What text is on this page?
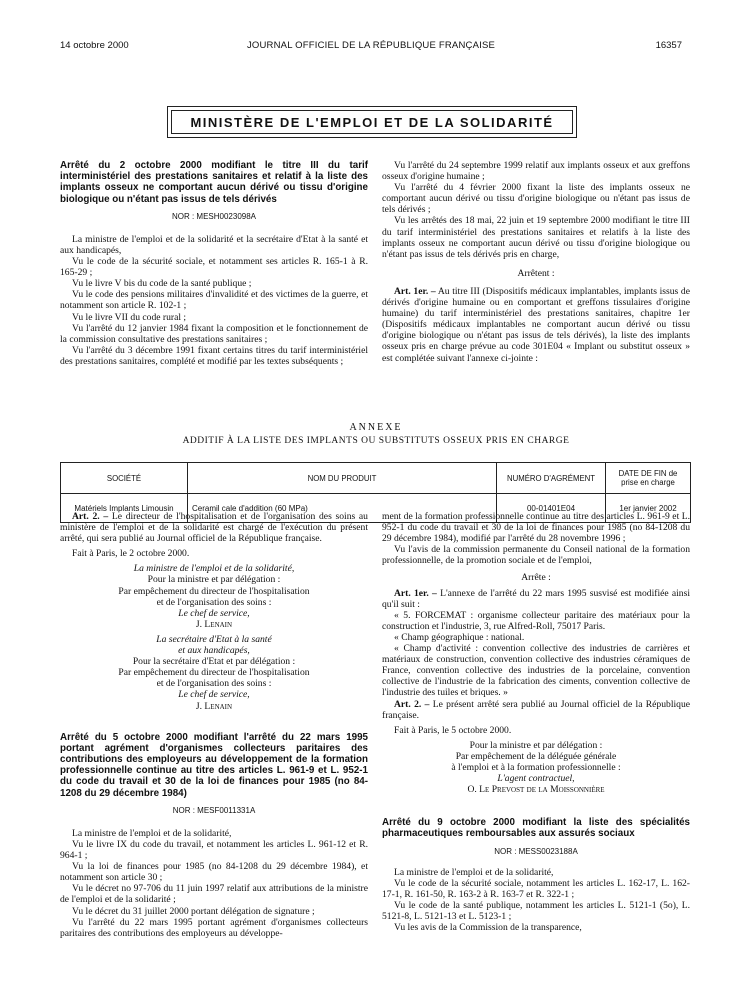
14 octobre 2000	JOURNAL OFFICIEL DE LA RÉPUBLIQUE FRANÇAISE	16357
MINISTÈRE DE L'EMPLOI ET DE LA SOLIDARITÉ
Arrêté du 2 octobre 2000 modifiant le titre III du tarif interministériel des prestations sanitaires et relatif à la liste des implants osseux ne comportant aucun dérivé ou tissu d'origine biologique ou n'étant pas issus de tels dérivés
NOR : MESH0023098A

La ministre de l'emploi et de la solidarité et la secrétaire d'Etat à la santé et aux handicapés,

Vu le code de la sécurité sociale, et notamment ses articles R. 165-1 à R. 165-29 ;

Vu le livre V bis du code de la santé publique ;

Vu le code des pensions militaires d'invalidité et des victimes de la guerre, et notamment son article R. 102-1 ;

Vu le livre VII du code rural ;

Vu l'arrêté du 12 janvier 1984 fixant la composition et le fonctionnement de la commission consultative des prestations sanitaires ;

Vu l'arrêté du 3 décembre 1991 fixant certains titres du tarif interministériel des prestations sanitaires, complété et modifié par les textes subséquents ;

Vu l'arrêté du 24 septembre 1999 relatif aux implants osseux et aux greffons osseux d'origine humaine ;

Vu l'arrêté du 4 février 2000 fixant la liste des implants osseux ne comportant aucun dérivé ou tissu d'origine biologique ou n'étant pas issus de tels dérivés ;

Vu les arrêtés des 18 mai, 22 juin et 19 septembre 2000 modifiant le titre III du tarif interministériel des prestations sanitaires et relatifs à la liste des implants osseux ne comportant aucun dérivé ou tissu d'origine biologique ou n'étant pas issus de tels dérivés pris en charge,

Arrêtent :

Art. 1er. – Au titre III (Dispositifs médicaux implantables, implants issus de dérivés d'origine humaine ou en comportant et greffons tissulaires d'origine humaine) du tarif interministériel des prestations sanitaires, chapitre 1er (Dispositifs médicaux implantables ne comportant aucun dérivé ou tissu d'origine biologique ou n'étant pas issus de tels dérivés), la liste des implants osseux pris en charge prévue au code 301E04 « Implant ou substitut osseux » est complétée suivant l'annexe ci-jointe :

ANNEXE
ADDITIF À LA LISTE DES IMPLANTS OU SUBSTITUTS OSSEUX PRIS EN CHARGE
SOCIÉTÉ	NOM DU PRODUIT	NUMÉRO D'AGRÉMENT	DATE DE FIN de prise en charge
Matériels Implants Limousin	Ceramil cale d'addition (60 MPa)	00-01401E04	1er janvier 2002

Art. 2. – Le directeur de l'hospitalisation et de l'organisation des soins au ministère de l'emploi et de la solidarité est chargé de l'exécution du présent arrêté, qui sera publié au Journal officiel de la République française.

Fait à Paris, le 2 octobre 2000.

La ministre de l'emploi et de la solidarité,
Pour la ministre et par délégation :
Par empêchement du directeur de l'hospitalisation
et de l'organisation des soins :
Le chef de service,
J. Lenain
La secrétaire d'Etat à la santé
et aux handicapés,
Pour la secrétaire d'Etat et par délégation :
Par empêchement du directeur de l'hospitalisation
et de l'organisation des soins :
Le chef de service,
J. Lenain
Arrêté du 5 octobre 2000 modifiant l'arrêté du 22 mars 1995 portant agrément d'organismes collecteurs paritaires des contributions des employeurs au développement de la formation professionnelle continue au titre des articles L. 961-9 et L. 952-1 du code du travail et 30 de la loi de finances pour 1985 (no 84-1208 du 29 décembre 1984)
NOR : MESF0011331A

La ministre de l'emploi et de la solidarité,

Vu le livre IX du code du travail, et notamment les articles L. 961-12 et R. 964-1 ;

Vu la loi de finances pour 1985 (no 84-1208 du 29 décembre 1984), et notamment son article 30 ;

Vu le décret no 97-706 du 11 juin 1997 relatif aux attributions de la ministre de l'emploi et de la solidarité ;

Vu le décret du 31 juillet 2000 portant délégation de signature ;

Vu l'arrêté du 22 mars 1995 portant agrément d'organismes collecteurs paritaires des contributions des employeurs au développe-

ment de la formation professionnelle continue au titre des articles L. 961-9 et L. 952-1 du code du travail et 30 de la loi de finances pour 1985 (no 84-1208 du 29 décembre 1984), modifié par l'arrêté du 28 novembre 1996 ;

Vu l'avis de la commission permanente du Conseil national de la formation professionnelle, de la promotion sociale et de l'emploi,

Arrête :

Art. 1er. – L'annexe de l'arrêté du 22 mars 1995 susvisé est modifiée ainsi qu'il suit :

« 5. FORCEMAT : organisme collecteur paritaire des matériaux pour la construction et l'industrie, 3, rue Alfred-Roll, 75017 Paris.

« Champ géographique : national.

« Champ d'activité : convention collective des industries de carrières et matériaux de construction, convention collective des industries céramiques de France, convention collective des industries de la porcelaine, convention collective de l'industrie de la fabrication des ciments, convention collective de l'industrie des tuiles et briques. »

Art. 2. – Le présent arrêté sera publié au Journal officiel de la République française.

Fait à Paris, le 5 octobre 2000.

Pour la ministre et par délégation :
Par empêchement de la déléguée générale
à l'emploi et à la formation professionnelle :
L'agent contractuel,
O. Le Prevost de la Moissonnière
Arrêté du 9 octobre 2000 modifiant la liste des spécialités pharmaceutiques remboursables aux assurés sociaux
NOR : MESS0023188A

La ministre de l'emploi et de la solidarité,

Vu le code de la sécurité sociale, notamment les articles L. 162-17, L. 162-17-1, R. 161-50, R. 163-2 à R. 163-7 et R. 322-1 ;

Vu le code de la santé publique, notamment les articles L. 5121-1 (5o), L. 5121-8, L. 5121-13 et L. 5123-1 ;

Vu les avis de la Commission de la transparence,
